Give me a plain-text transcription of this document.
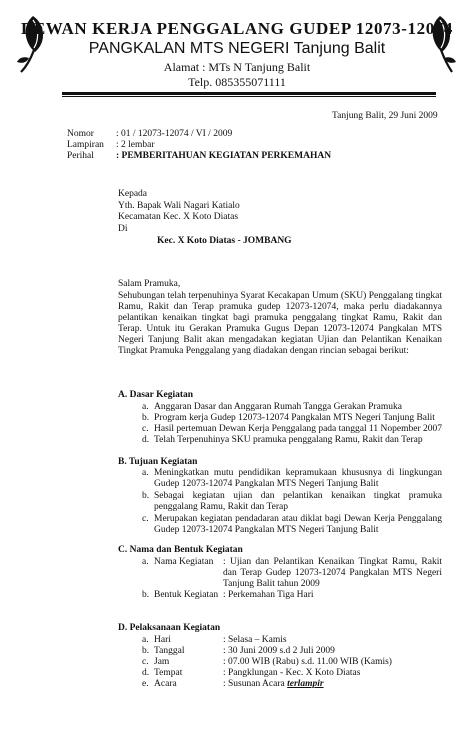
DEWAN KERJA PENGGALANG GUDEP 12073-12074
PANGKALAN MTS NEGERI Tanjung Balit
Alamat : MTs N Tanjung Balit
Telp. 085355071111
Tanjung Balit, 29 Juni 2009
Nomor : 01 / 12073-12074 / VI / 2009
Lampiran : 2 lembar
Perihal : PEMBERITAHUAN KEGIATAN PERKEMAHAN
Kepada
Yth. Bapak Wali Nagari Katialo
Kecamatan Kec. X Koto Diatas
Di
Kec. X Koto Diatas - JOMBANG
Salam Pramuka,
Sehubungan telah terpenuhinya Syarat Kecakapan Umum (SKU) Penggalang tingkat Ramu, Rakit dan Terap pramuka gudep 12073-12074, maka perlu diadakannya pelantikan kenaikan tingkat bagi pramuka penggalang tingkat Ramu, Rakit dan Terap. Untuk itu Gerakan Pramuka Gugus Depan 12073-12074 Pangkalan MTS Negeri Tanjung Balit akan mengadakan kegiatan Ujian dan Pelantikan Kenaikan Tingkat Pramuka Penggalang yang diadakan dengan rincian sebagai berikut:
A. Dasar Kegiatan
a. Anggaran Dasar dan Anggaran Rumah Tangga Gerakan Pramuka
b. Program kerja Gudep 12073-12074 Pangkalan MTS Negeri Tanjung Balit
c. Hasil pertemuan Dewan Kerja Penggalang pada tanggal 11 Nopember 2007
d. Telah Terpenuhinya SKU pramuka penggalang Ramu, Rakit dan Terap
B. Tujuan Kegiatan
a. Meningkatkan mutu pendidikan kepramukaan khususnya di lingkungan Gudep 12073-12074 Pangkalan MTS Negeri Tanjung Balit
b. Sebagai kegiatan ujian dan pelantikan kenaikan tingkat pramuka penggalang Ramu, Rakit dan Terap
c. Merupakan kegiatan pendadaran atau diklat bagi Dewan Kerja Penggalang Gudep 12073-12074 Pangkalan MTS Negeri Tanjung Balit
C. Nama dan Bentuk Kegiatan
a. Nama Kegiatan : Ujian dan Pelantikan Kenaikan Tingkat Ramu, Rakit dan Terap Gudep 12073-12074 Pangkalan MTS Negeri Tanjung Balit tahun 2009
b. Bentuk Kegiatan : Perkemahan Tiga Hari
D. Pelaksanaan Kegiatan
a. Hari	: Selasa – Kamis
b. Tanggal	: 30 Juni 2009 s.d 2 Juli 2009
c. Jam	: 07.00 WIB (Rabu) s.d. 11.00 WIB (Kamis)
d. Tempat	: Pangklungan - Kec. X Koto Diatas
e. Acara	: Susunan Acara terlampir
